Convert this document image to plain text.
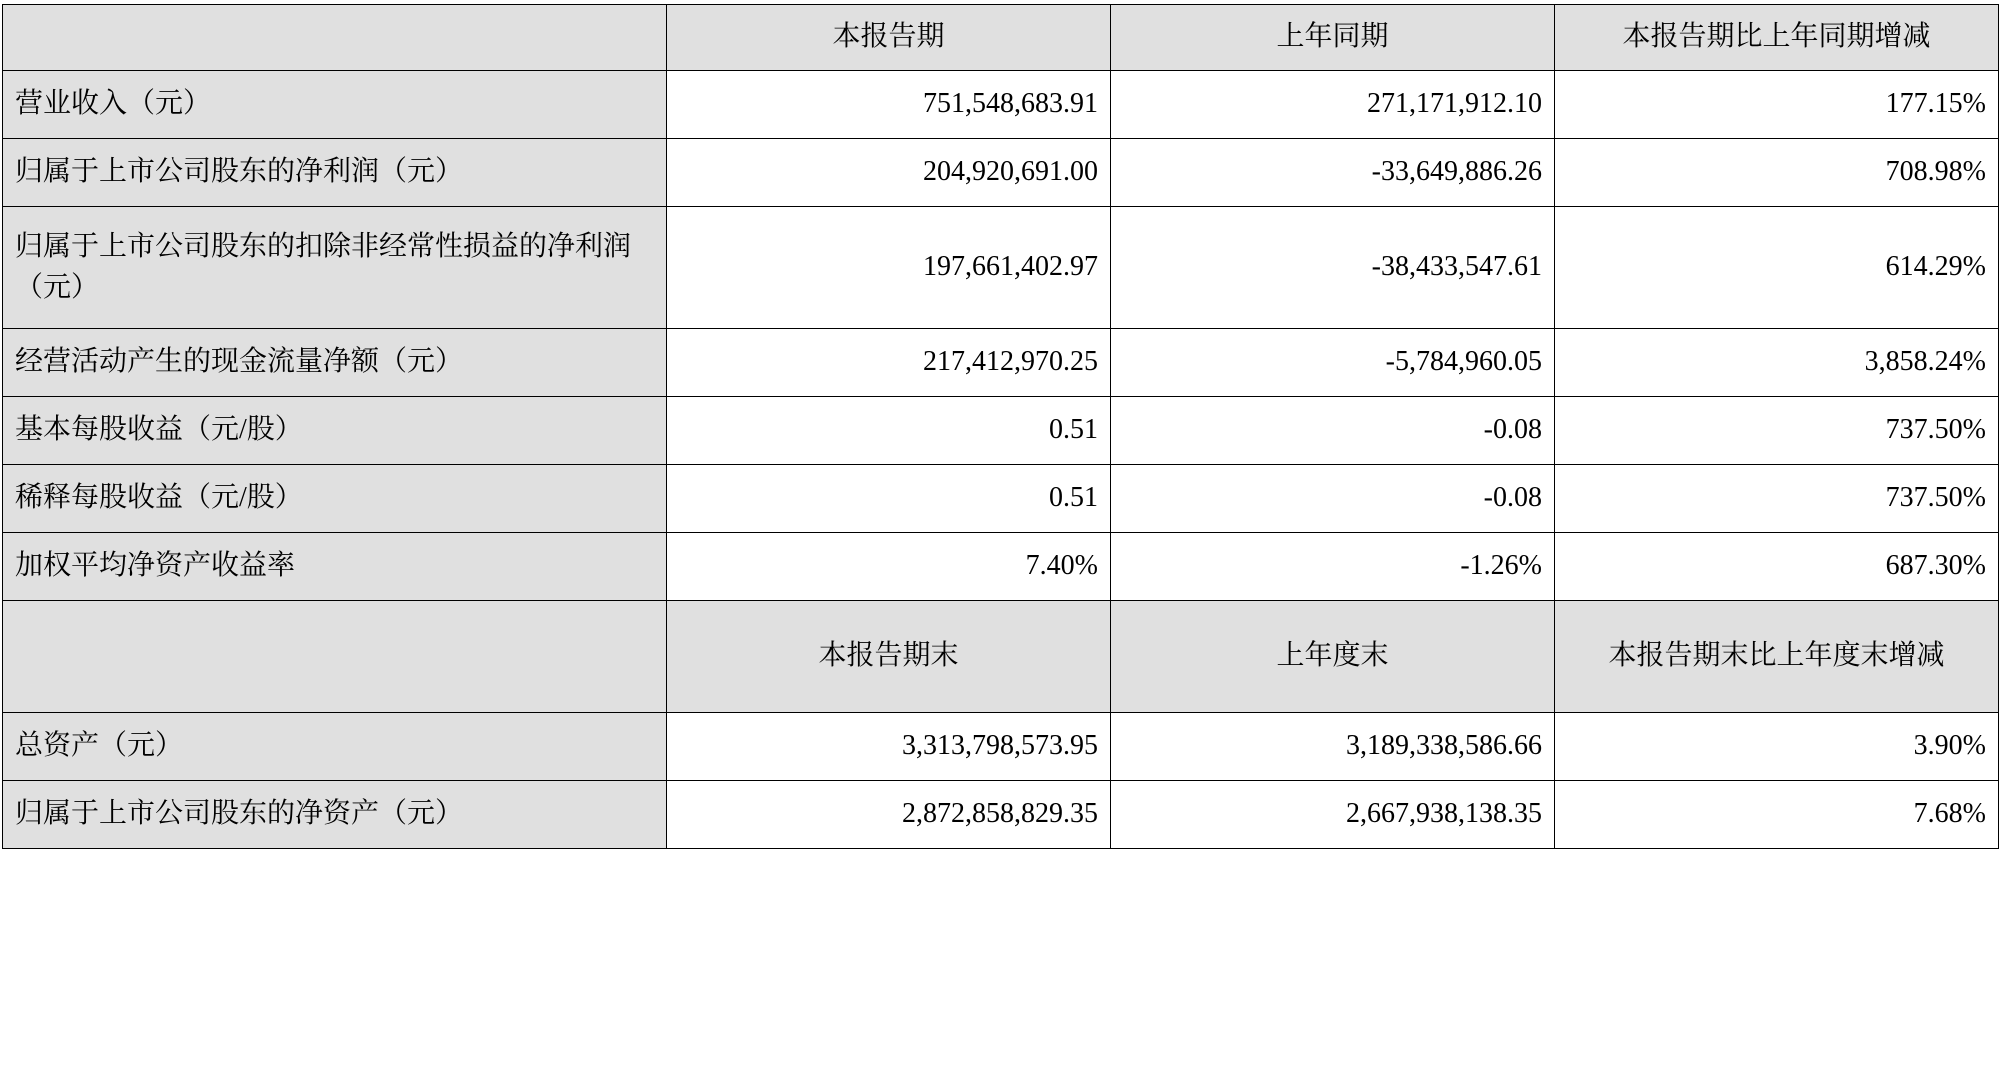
	本报告期	上年同期	本报告期比上年同期增减
营业收入（元）	751,548,683.91	271,171,912.10	177.15%
归属于上市公司股东的净利润（元）	204,920,691.00	-33,649,886.26	708.98%
归属于上市公司股东的扣除非经常性损益的净利润（元）	197,661,402.97	-38,433,547.61	614.29%
经营活动产生的现金流量净额（元）	217,412,970.25	-5,784,960.05	3,858.24%
基本每股收益（元/股）	0.51	-0.08	737.50%
稀释每股收益（元/股）	0.51	-0.08	737.50%
加权平均净资产收益率	7.40%	-1.26%	687.30%
	本报告期末	上年度末	本报告期末比上年度末增减
总资产（元）	3,313,798,573.95	3,189,338,586.66	3.90%
归属于上市公司股东的净资产（元）	2,872,858,829.35	2,667,938,138.35	7.68%
